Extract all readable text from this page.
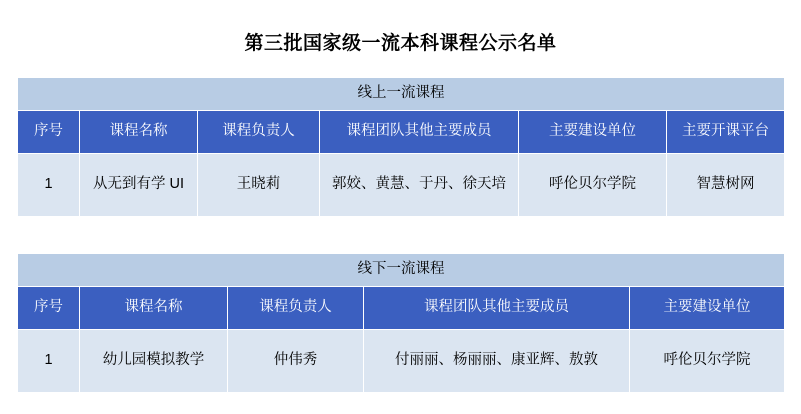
第三批国家级一流本科课程公示名单
线上一流课程					
序号	课程名称	课程负责人	课程团队其他主要成员	主要建设单位	主要开课平台
1	从无到有学 UI	王晓莉	郭姣、黄慧、于丹、徐天培	呼伦贝尔学院	智慧树网
线下一流课程				
序号	课程名称	课程负责人	课程团队其他主要成员	主要建设单位
1	幼儿园模拟教学	仲伟秀	付丽丽、杨丽丽、康亚辉、敖敦	呼伦贝尔学院
